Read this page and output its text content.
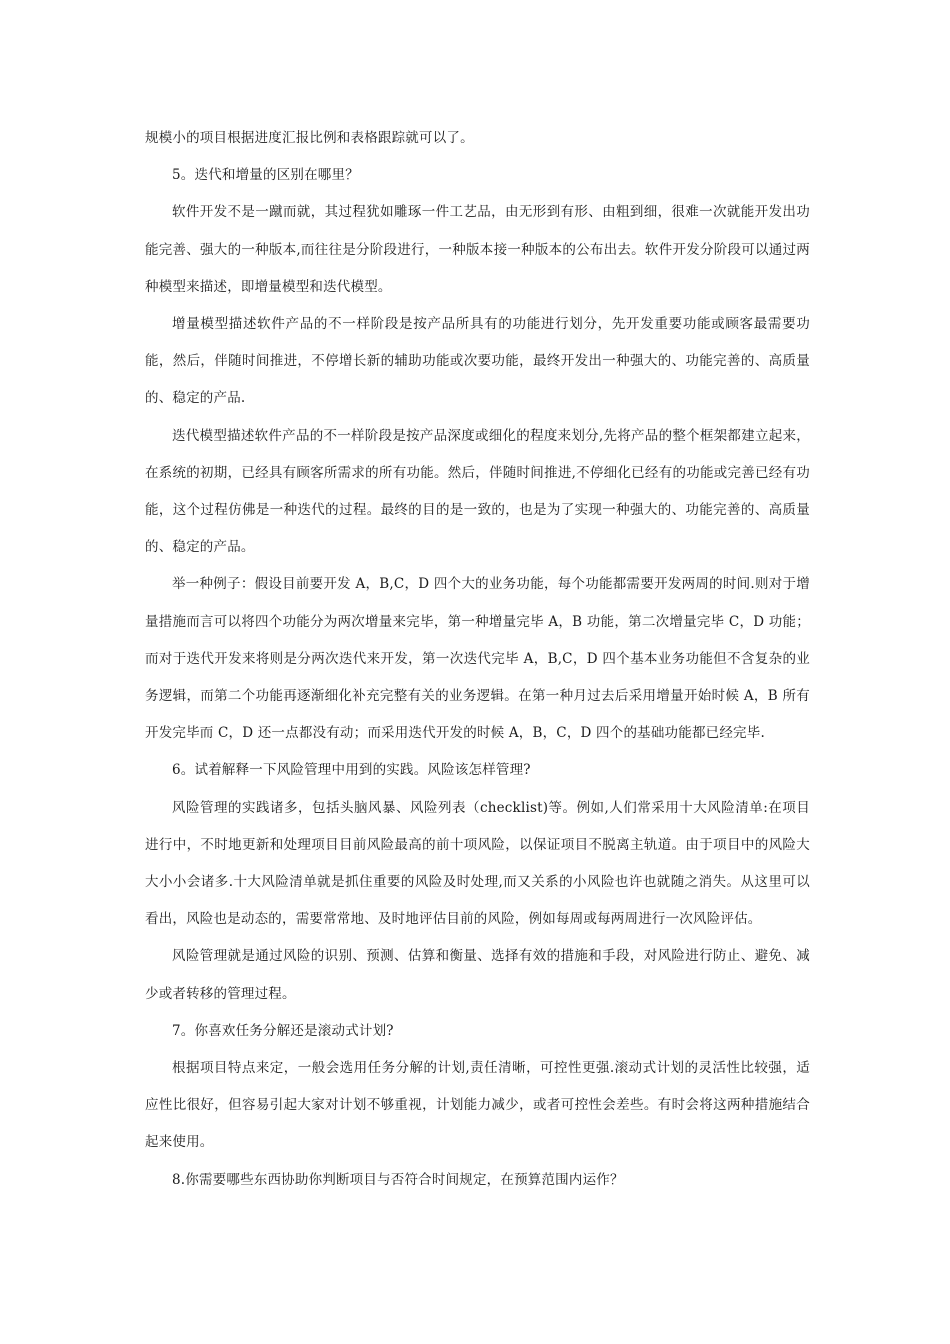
规模小的项目根据进度汇报比例和表格跟踪就可以了。

5。迭代和增量的区别在哪里？

软件开发不是一蹴而就，其过程犹如雕琢一件工艺品，由无形到有形、由粗到细，很难一次就能开发出功能完善、强大的一种版本,而往往是分阶段进行，一种版本接一种版本的公布出去。软件开发分阶段可以通过两种模型来描述，即增量模型和迭代模型。

增量模型描述软件产品的不一样阶段是按产品所具有的功能进行划分，先开发重要功能或顾客最需要功能，然后，伴随时间推进，不停增长新的辅助功能或次要功能，最终开发出一种强大的、功能完善的、高质量的、稳定的产品.

迭代模型描述软件产品的不一样阶段是按产品深度或细化的程度来划分,先将产品的整个框架都建立起来，在系统的初期，已经具有顾客所需求的所有功能。然后，伴随时间推进,不停细化已经有的功能或完善已经有功能，这个过程仿佛是一种迭代的过程。最终的目的是一致的，也是为了实现一种强大的、功能完善的、高质量的、稳定的产品。

举一种例子：假设目前要开发 A，B,C，D 四个大的业务功能，每个功能都需要开发两周的时间.则对于增量措施而言可以将四个功能分为两次增量来完毕，第一种增量完毕 A，B 功能，第二次增量完毕 C，D 功能；而对于迭代开发来将则是分两次迭代来开发，第一次迭代完毕 A，B,C，D 四个基本业务功能但不含复杂的业务逻辑，而第二个功能再逐渐细化补充完整有关的业务逻辑。在第一种月过去后采用增量开始时候 A，B 所有开发完毕而 C，D 还一点都没有动；而采用迭代开发的时候 A，B，C，D 四个的基础功能都已经完毕.

6。试着解释一下风险管理中用到的实践。风险该怎样管理?

风险管理的实践诸多，包括头脑风暴、风险列表（checklist)等。例如,人们常采用十大风险清单:在项目进行中，不时地更新和处理项目目前风险最高的前十项风险，以保证项目不脱离主轨道。由于项目中的风险大大小小会诸多.十大风险清单就是抓住重要的风险及时处理,而又关系的小风险也许也就随之消失。从这里可以看出，风险也是动态的，需要常常地、及时地评估目前的风险，例如每周或每两周进行一次风险评估。

风险管理就是通过风险的识别、预测、估算和衡量、选择有效的措施和手段，对风险进行防止、避免、减少或者转移的管理过程。

7。你喜欢任务分解还是滚动式计划?

根据项目特点来定，一般会选用任务分解的计划,责任清晰，可控性更强.滚动式计划的灵活性比较强，适应性比很好，但容易引起大家对计划不够重视，计划能力减少，或者可控性会差些。有时会将这两种措施结合起来使用。

8.你需要哪些东西协助你判断项目与否符合时间规定，在预算范围内运作？
